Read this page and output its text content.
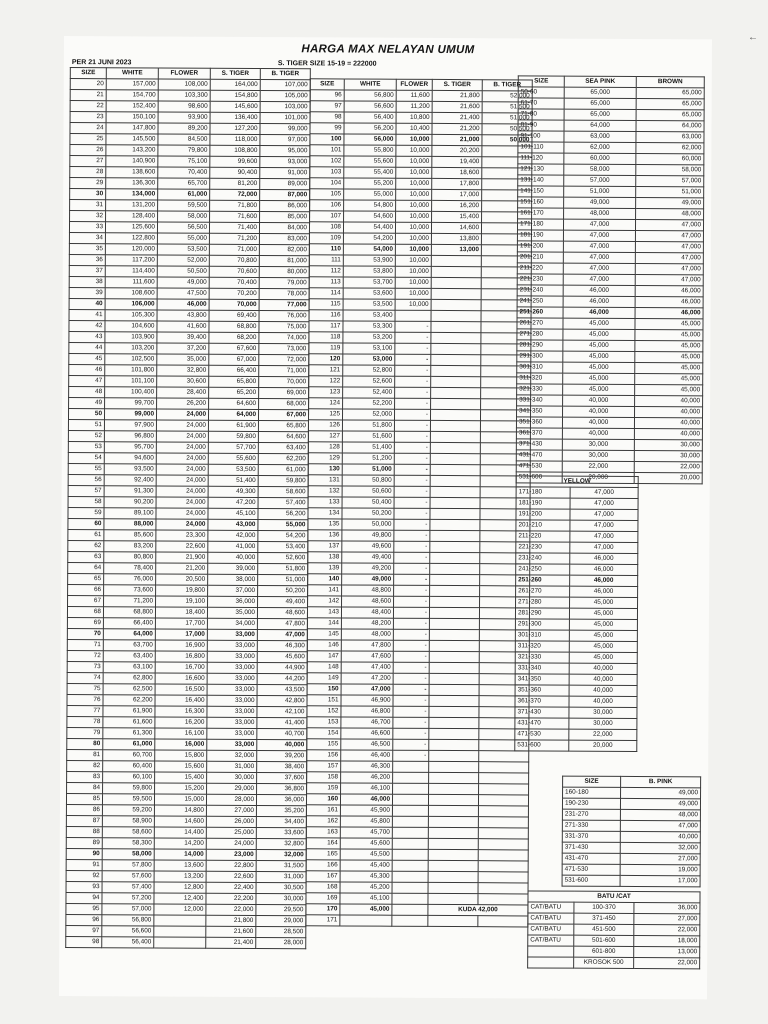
HARGA MAX NELAYAN UMUM
PER 21 JUNI 2023	S. TIGER SIZE 15-19 = 222000
SIZE	WHITE	FLOWER	S. TIGER	B. TIGER
20	157,000	108,000	164,000	107,000
21	154,700	103,300	154,800	105,000
22	152,400	98,600	145,600	103,000
23	150,100	93,900	136,400	101,000
24	147,800	89,200	127,200	99,000
25	145,500	84,500	118,000	97,000
26	143,200	79,800	108,800	95,000
27	140,900	75,100	99,600	93,000
28	138,600	70,400	90,400	91,000
29	136,300	65,700	81,200	89,000
30	134,000	61,000	72,000	87,000
31	131,200	59,500	71,800	86,000
32	128,400	58,000	71,600	85,000
33	125,600	56,500	71,400	84,000
34	122,800	55,000	71,200	83,000
35	120,000	53,500	71,000	82,000
36	117,200	52,000	70,800	81,000
37	114,400	50,500	70,600	80,000
38	111,600	49,000	70,400	79,000
39	108,600	47,500	70,200	78,000
40	106,000	46,000	70,000	77,000
41	105,300	43,800	69,400	76,000
42	104,600	41,600	68,800	75,000
43	103,900	39,400	68,200	74,000
44	103,200	37,200	67,600	73,000
45	102,500	35,000	67,000	72,000
46	101,800	32,800	66,400	71,000
47	101,100	30,600	65,800	70,000
48	100,400	28,400	65,200	69,000
49	99,700	26,200	64,600	68,000
50	99,000	24,000	64,000	67,000
51	97,900	24,000	61,900	65,800
52	96,800	24,000	59,800	64,600
53	95,700	24,000	57,700	63,400
54	94,600	24,000	55,600	62,200
55	93,500	24,000	53,500	61,000
56	92,400	24,000	51,400	59,800
57	91,300	24,000	49,300	58,600
58	90,200	24,000	47,200	57,400
59	89,100	24,000	45,100	56,200
60	88,000	24,000	43,000	55,000
61	85,600	23,300	42,000	54,200
62	83,200	22,600	41,000	53,400
63	80,800	21,900	40,000	52,600
64	78,400	21,200	39,000	51,800
65	76,000	20,500	38,000	51,000
66	73,600	19,800	37,000	50,200
67	71,200	19,100	36,000	49,400
68	68,800	18,400	35,000	48,600
69	66,400	17,700	34,000	47,800
70	64,000	17,000	33,000	47,000
71	63,700	16,900	33,000	46,300
72	63,400	16,800	33,000	45,600
73	63,100	16,700	33,000	44,900
74	62,800	16,600	33,000	44,200
75	62,500	16,500	33,000	43,500
76	62,200	16,400	33,000	42,800
77	61,900	16,300	33,000	42,100
78	61,600	16,200	33,000	41,400
79	61,300	16,100	33,000	40,700
80	61,000	16,000	33,000	40,000
81	60,700	15,800	32,000	39,200
82	60,400	15,600	31,000	38,400
83	60,100	15,400	30,000	37,600
84	59,800	15,200	29,000	36,800
85	59,500	15,000	28,000	36,000
86	59,200	14,800	27,000	35,200
87	58,900	14,600	26,000	34,400
88	58,600	14,400	25,000	33,600
89	58,300	14,200	24,000	32,800
90	58,000	14,000	23,000	32,000
91	57,800	13,600	22,800	31,500
92	57,600	13,200	22,600	31,000
93	57,400	12,800	22,400	30,500
94	57,200	12,400	22,200	30,000
95	57,000	12,000	22,000	29,500
96	56,800		21,800	29,000
97	56,600		21,600	28,500
98	56,400		21,400	28,000
SIZE	WHITE	FLOWER	S. TIGER	B. TIGER
96	56,800	11,600	21,800	52,000
97	56,600	11,200	21,600	51,500
98	56,400	10,800	21,400	51,000
99	56,200	10,400	21,200	50,500
100	56,000	10,000	21,000	50,000
101	55,800	10,000	20,200	
102	55,600	10,000	19,400	
103	55,400	10,000	18,600	
104	55,200	10,000	17,800	
105	55,000	10,000	17,000	
106	54,800	10,000	16,200	
107	54,600	10,000	15,400	
108	54,400	10,000	14,600	
109	54,200	10,000	13,800	
110	54,000	10,000	13,000	
111	53,900	10,000		
112	53,800	10,000		
113	53,700	10,000		
114	53,600	10,000		
115	53,500	10,000		
116	53,400			
117	53,300	-		
118	53,200	-		
119	53,100	-		
120	53,000	-		
121	52,800	-		
122	52,600	-		
123	52,400	-		
124	52,200	-		
125	52,000	-		
126	51,800	-		
127	51,600	-		
128	51,400	-		
129	51,200	-		
130	51,000	-		
131	50,800	-		
132	50,600	-		
133	50,400	-		
134	50,200	-		
135	50,000	-		
136	49,800	-		
137	49,600	-		
138	49,400	-		
139	49,200	-		
140	49,000	-		
141	48,800	-		
142	48,600	-		
143	48,400	-		
144	48,200	-		
145	48,000	-		
146	47,800	-		
147	47,600	-		
148	47,400	-		
149	47,200	-		
150	47,000	-		
151	46,900	-		
152	46,800	-		
153	46,700	-		
154	46,600	-		
155	46,500	-		
156	46,400	-		
157	46,300			
158	46,200			
159	46,100			
160	46,000			
161	45,900			
162	45,800			
163	45,700			
164	45,600			
165	45,500			
166	45,400			
167	45,300			
168	45,200			
169	45,100			
170	45,000		KUDA 42,000	
171				
SIZE	SEA PINK	BROWN
50-60	65,000	65,000
61-70	65,000	65,000
71-80	65,000	65,000
81-90	64,000	64,000
91-100	63,000	63,000
101-110	62,000	62,000
111-120	60,000	60,000
121-130	58,000	58,000
131-140	57,000	57,000
141-150	51,000	51,000
151-160	49,000	49,000
161-170	48,000	48,000
171-180	47,000	47,000
181-190	47,000	47,000
191-200	47,000	47,000
201-210	47,000	47,000
211-220	47,000	47,000
221-230	47,000	47,000
231-240	46,000	46,000
241-250	46,000	46,000
251-260	46,000	46,000
261-270	45,000	45,000
271-280	45,000	45,000
281-290	45,000	45,000
291-300	45,000	45,000
301-310	45,000	45,000
311-320	45,000	45,000
321-330	45,000	45,000
331-340	40,000	40,000
341-350	40,000	40,000
351-360	40,000	40,000
361-370	40,000	40,000
371-430	30,000	30,000
431-470	30,000	30,000
471-530	22,000	22,000
531-600	20,000	20,000
YELLOW	
171-180	47,000
181-190	47,000
191-200	47,000
201-210	47,000
211-220	47,000
221-230	47,000
231-240	46,000
241-250	46,000
251-260	46,000
261-270	46,000
271-280	45,000
281-290	45,000
291-300	45,000
301-310	45,000
311-320	45,000
321-330	45,000
331-340	40,000
341-350	40,000
351-360	40,000
361-370	40,000
371-430	30,000
431-470	30,000
471-530	22,000
531-600	20,000
SIZE	B. PINK
160-180	49,000
190-230	49,000
231-270	48,000
271-330	47,000
331-370	40,000
371-430	32,000
431-470	27,000
471-530	19,000
531-600	17,000
BATU /CAT		
CAT/BATU	100-370	36,000
CAT/BATU	371-450	27,000
CAT/BATU	451-500	22,000
CAT/BATU	501-600	18,000
	601-800	13,000
	KROSOK 500	22,000
←
